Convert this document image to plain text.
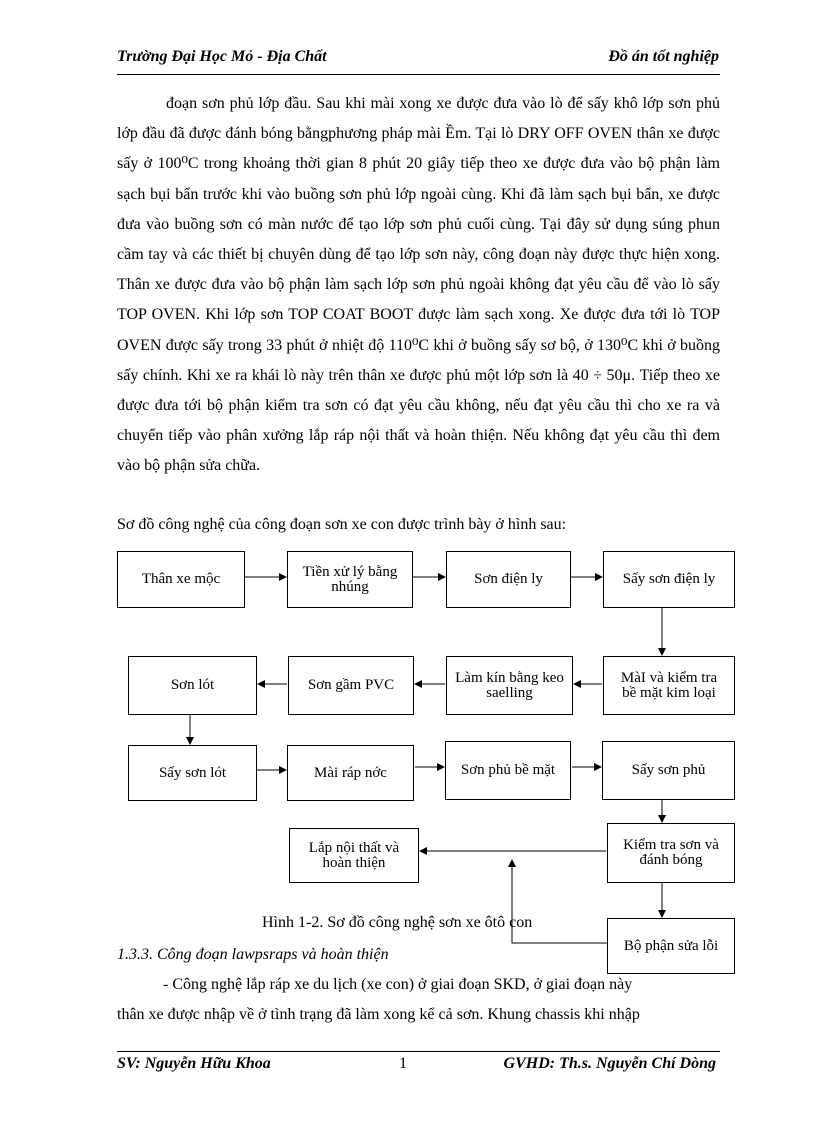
Trường Đại Học Mỏ - Địa Chất	Đồ án tốt nghiệp

đoạn sơn phủ lớp đầu. Sau khi mài xong xe được đưa vào lò để sấy khô lớp sơn phủ lớp đầu đã được đánh bóng bằngphương pháp mài Ềm. Tại lò DRY OFF OVEN thân xe được sấy ở 100⁰C trong khoảng thời gian 8 phút 20 giây tiếp theo xe được đưa vào bộ phận làm sạch bụi bẩn trước khi vào buồng sơn phủ lớp ngoài cùng. Khi đã làm sạch bụi bẩn, xe được đưa vào buồng sơn có màn nước để tạo lớp sơn phủ cuối cùng. Tại đây sử dụng súng phun cầm tay và các thiết bị chuyên dùng để tạo lớp sơn này, công đoạn này được thực hiện xong. Thân xe được đưa vào bộ phận làm sạch lớp sơn phủ ngoài không đạt yêu cầu để vào lò sấy TOP OVEN. Khi lớp sơn TOP COAT BOOT được làm sạch xong. Xe được đưa tới lò TOP OVEN được sấy trong 33 phút ở nhiệt độ 110⁰C khi ở buồng sấy sơ bộ, ở 130⁰C khi ở buồng sấy chính. Khi xe ra khái lò này trên thân xe được phủ một lớp sơn là 40 ÷ 50μ. Tiếp theo xe được đưa tới bộ phận kiểm tra sơn có đạt yêu cầu không, nếu đạt yêu cầu thì cho xe ra và chuyển tiếp vào phân xưởng lắp ráp nội thất và hoàn thiện. Nếu không đạt yêu cầu thì đem vào bộ phận sửa chữa.

Sơ đồ công nghệ của công đoạn sơn xe con được trình bày ở hình sau:
Thân xe mộc	Tiền xử lý bằng
nhúng	Sơn điện ly	Sấy sơn điện ly
MàI và kiểm tra
bề mặt kim loại
Làm kín bằng keo
saelling
Sơn gầm PVC
Sơn lót
Sấy sơn lót	Mài ráp nớc	Sơn phủ bề mặt	Sấy sơn phủ
Kiểm tra sơn và
đánh bóng
Lắp nội thất và
hoàn thiện
Bộ phận sửa lỗi
Hình 1-2. Sơ đồ công nghệ sơn xe ôtô con
1.3.3. Công đoạn lawpsraps và hoàn thiện
- Công nghệ lắp ráp xe du lịch (xe con) ở giai đoạn SKD, ở giai đoạn này
thân xe được nhập về ở tình trạng đã làm xong kể cả sơn. Khung chassis khi nhập
SV: Nguyễn Hữu Khoa	1	GVHD: Th.s. Nguyễn Chí Dòng
